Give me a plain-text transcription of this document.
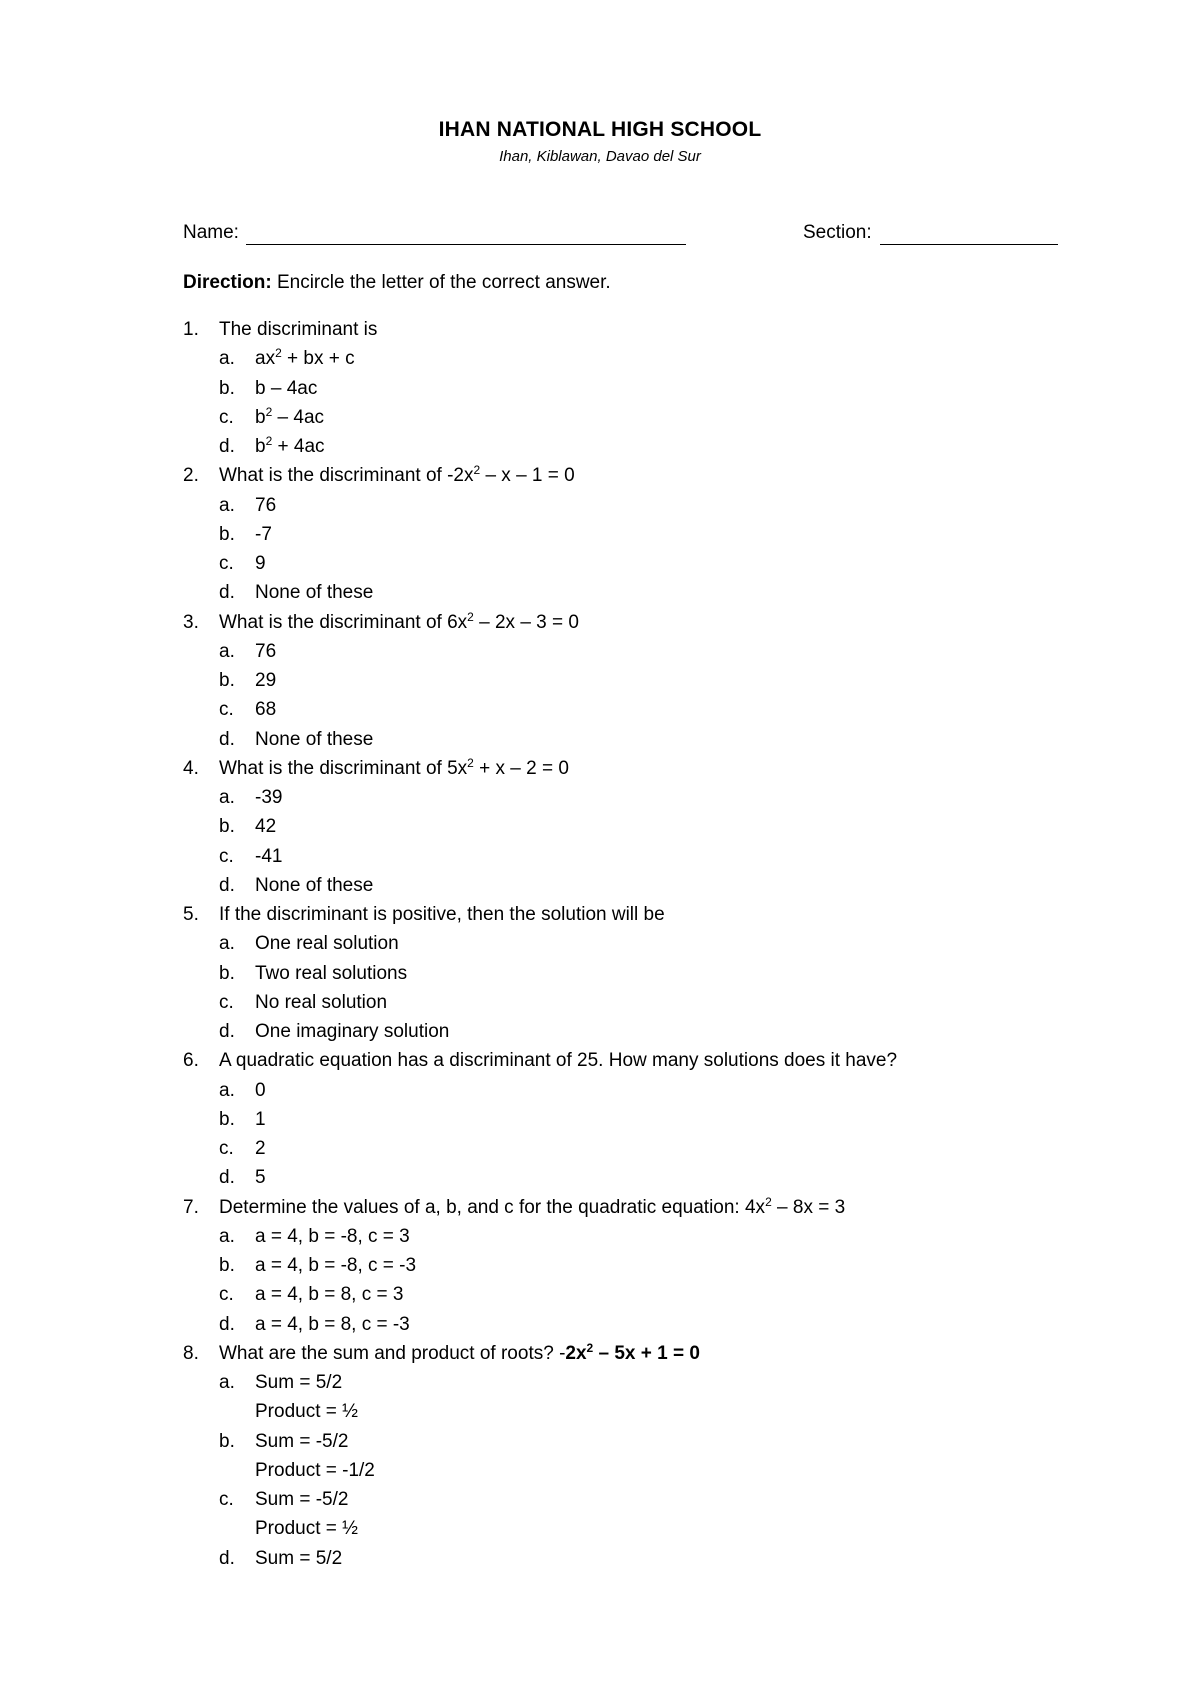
IHAN NATIONAL HIGH SCHOOL
Ihan, Kiblawan, Davao del Sur
Name:	Section:
Direction: Encircle the letter of the correct answer.
1.	The discriminant is
a. $ax^2$ + bx + c
b. b – 4ac
c. $b^2 - 4ac$
d. $b^2 + 4ac$
2.	What is the discriminant of $-2x^2 - x - 1 = 0$
a. 76
b. -7
c. 9
d. None of these
3.	What is the discriminant of $6x^2 - 2x - 3 = 0$
a. 76
b. 29
c. 68
d. None of these
4.	What is the discriminant of $5x^2 + x - 2 = 0$
a. -39
b. 42
c. -41
d. None of these
5.	If the discriminant is positive, then the solution will be
a. One real solution
b. Two real solutions
c. No real solution
d. One imaginary solution
6.	A quadratic equation has a discriminant of 25. How many solutions does it have?
a. 0
b. 1
c. 2
d. 5
7.	Determine the values of a, b, and c for the quadratic equation: $4x^2 - 8x = 3$
a. a = 4, b = -8, c = 3
b. a = 4, b = -8, c = -3
c. a = 4, b = 8, c = 3
d. a = 4, b = 8, c = -3
8.	What are the sum and product of roots? $-2x^2 - 5x + 1 = 0$
a. Sum = 5/2
Product = ½
b. Sum = -5/2
Product = -1/2
c. Sum = -5/2
Product = ½
d. Sum = 5/2
